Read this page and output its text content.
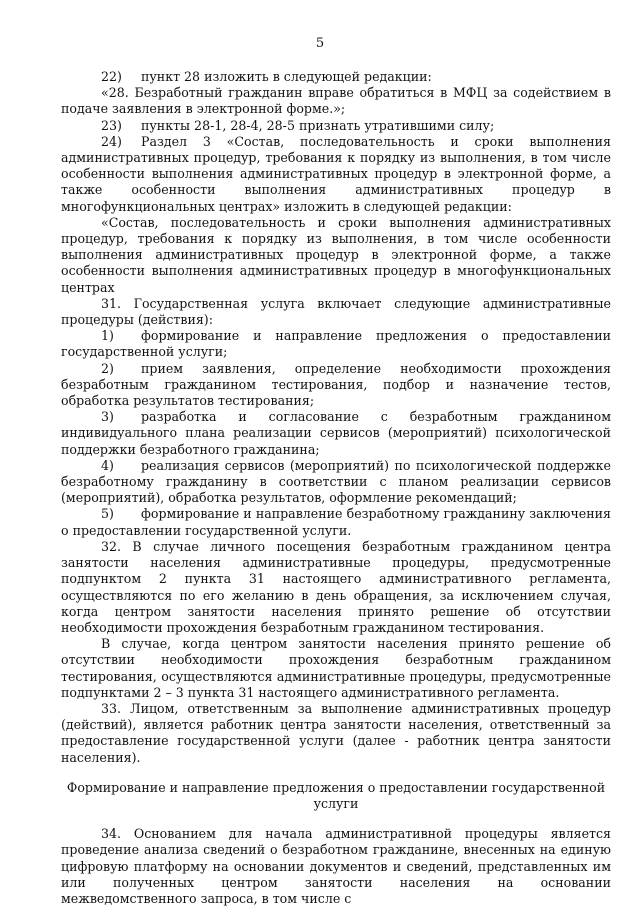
5

22) пункт 28 изложить в следующей редакции:

«28. Безработный гражданин вправе обратиться в МФЦ за содействием в подаче заявления в электронной форме.»;

23) пункты 28-1, 28-4, 28-5 признать утратившими силу;

24) Раздел 3 «Состав, последовательность и сроки выполнения административных процедур, требования к порядку из выполнения, в том числе особенности выполнения административных процедур в электронной форме, а также особенности выполнения административных процедур в многофункциональных центрах» изложить в следующей редакции:

«Состав, последовательность и сроки выполнения административных процедур, требования к порядку из выполнения, в том числе особенности выполнения административных процедур в электронной форме, а также особенности выполнения административных процедур в многофункциональных центрах

31. Государственная услуга включает следующие административные процедуры (действия):

1) формирование и направление предложения о предоставлении государственной услуги;

2) прием заявления, определение необходимости прохождения безработным гражданином тестирования, подбор и назначение тестов, обработка результатов тестирования;

3) разработка и согласование с безработным гражданином индивидуального плана реализации сервисов (мероприятий) психологической поддержки безработного гражданина;

4) реализация сервисов (мероприятий) по психологической поддержке безработному гражданину в соответствии с планом реализации сервисов (мероприятий), обработка результатов, оформление рекомендаций;

5) формирование и направление безработному гражданину заключения о предоставлении государственной услуги.

32. В случае личного посещения безработным гражданином центра занятости населения административные процедуры, предусмотренные подпунктом 2 пункта 31 настоящего административного регламента, осуществляются по его желанию в день обращения, за исключением случая, когда центром занятости населения принято решение об отсутствии необходимости прохождения безработным гражданином тестирования.

В случае, когда центром занятости населения принято решение об отсутствии необходимости прохождения безработным гражданином тестирования, осуществляются административные процедуры, предусмотренные подпунктами 2 – 3 пункта 31 настоящего административного регламента.

33. Лицом, ответственным за выполнение административных процедур (действий), является работник центра занятости населения, ответственный за предоставление государственной услуги (далее - работник центра занятости населения).

Формирование и направление предложения о предоставлении государственной услуги

34. Основанием для начала административной процедуры является проведение анализа сведений о безработном гражданине, внесенных на единую цифровую платформу на основании документов и сведений, представленных им или полученных центром занятости населения на основании межведомственного запроса, в том числе с
